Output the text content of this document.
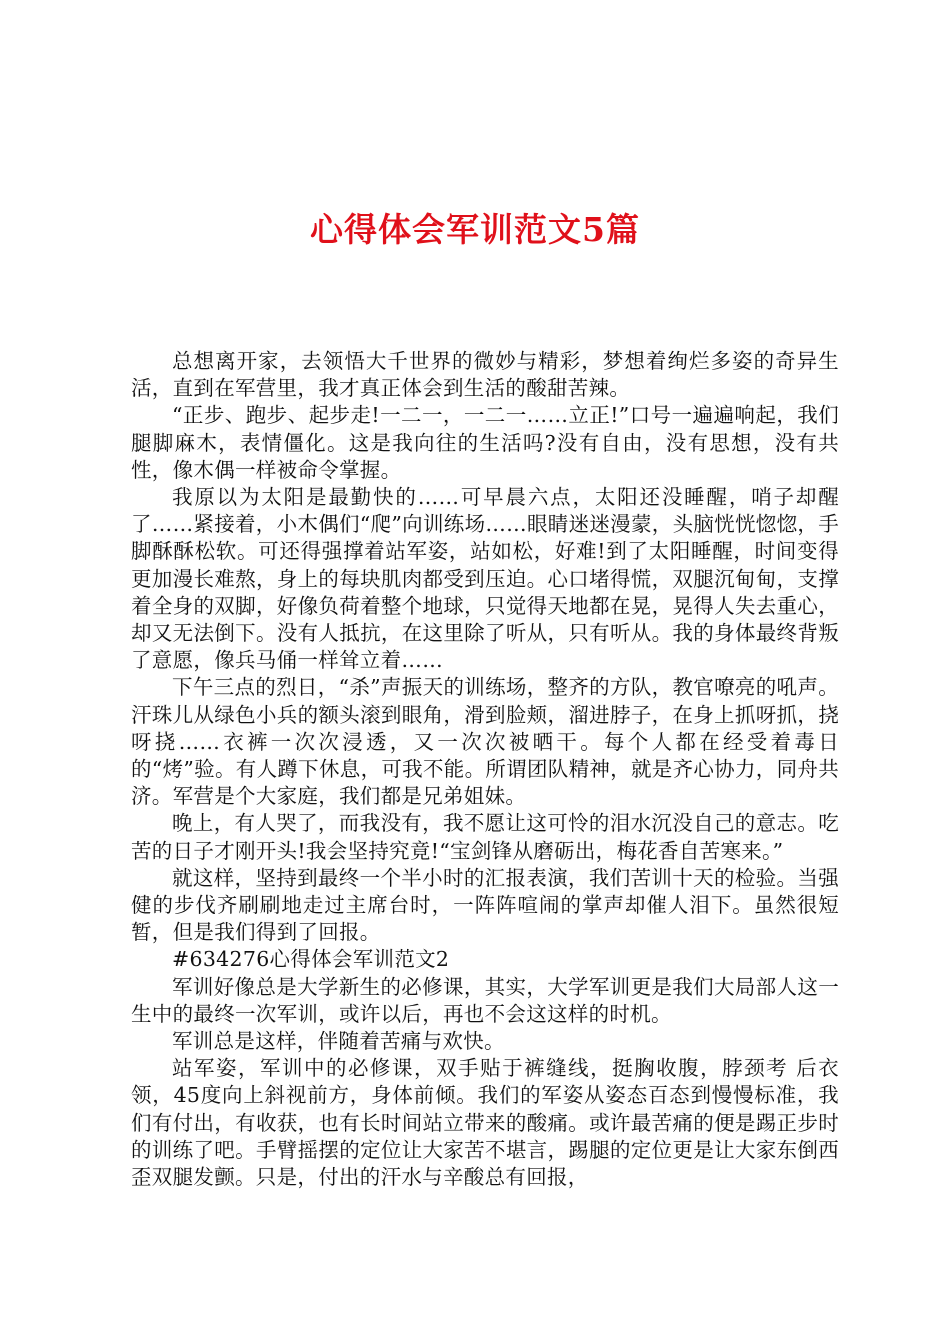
心得体会军训范文5篇

总想离开家，去领悟大千世界的微妙与精彩，梦想着绚烂多姿的奇异生活，直到在军营里，我才真正体会到生活的酸甜苦辣。

“正步、跑步、起步走!一二一，一二一……立正!”口号一遍遍响起，我们腿脚麻木，表情僵化。这是我向往的生活吗?没有自由，没有思想，没有共性，像木偶一样被命令掌握。

我原以为太阳是最勤快的……可早晨六点，太阳还没睡醒，哨子却醒了……紧接着，小木偶们“爬”向训练场……眼睛迷迷漫蒙，头脑恍恍惚惚，手脚酥酥松软。可还得强撑着站军姿，站如松，好难!到了太阳睡醒，时间变得更加漫长难熬，身上的每块肌肉都受到压迫。心口堵得慌，双腿沉甸甸，支撑着全身的双脚，好像负荷着整个地球，只觉得天地都在晃，晃得人失去重心，却又无法倒下。没有人抵抗，在这里除了听从，只有听从。我的身体最终背叛了意愿，像兵马俑一样耸立着……

下午三点的烈日，“杀”声振天的训练场，整齐的方队，教官嘹亮的吼声。汗珠儿从绿色小兵的额头滚到眼角，滑到脸颊，溜进脖子，在身上抓呀抓，挠呀挠……衣裤一次次浸透，又一次次被晒干。每个人都在经受着毒日的“烤”验。有人蹲下休息，可我不能。所谓团队精神，就是齐心协力，同舟共济。军营是个大家庭，我们都是兄弟姐妹。

晚上，有人哭了，而我没有，我不愿让这可怜的泪水沉没自己的意志。吃苦的日子才刚开头!我会坚持究竟!“宝剑锋从磨砺出，梅花香自苦寒来。”

就这样，坚持到最终一个半小时的汇报表演，我们苦训十天的检验。当强健的步伐齐刷刷地走过主席台时，一阵阵喧闹的掌声却催人泪下。虽然很短暂，但是我们得到了回报。

#634276心得体会军训范文2

军训好像总是大学新生的必修课，其实，大学军训更是我们大局部人这一生中的最终一次军训，或许以后，再也不会这这样的时机。

军训总是这样，伴随着苦痛与欢快。

站军姿，军训中的必修课，双手贴于裤缝线，挺胸收腹，脖颈考 后衣领，45度向上斜视前方，身体前倾。我们的军姿从姿态百态到慢慢标准，我们有付出，有收获，也有长时间站立带来的酸痛。或许最苦痛的便是踢正步时的训练了吧。手臂摇摆的定位让大家苦不堪言，踢腿的定位更是让大家东倒西歪双腿发颤。只是，付出的汗水与辛酸总有回报，
